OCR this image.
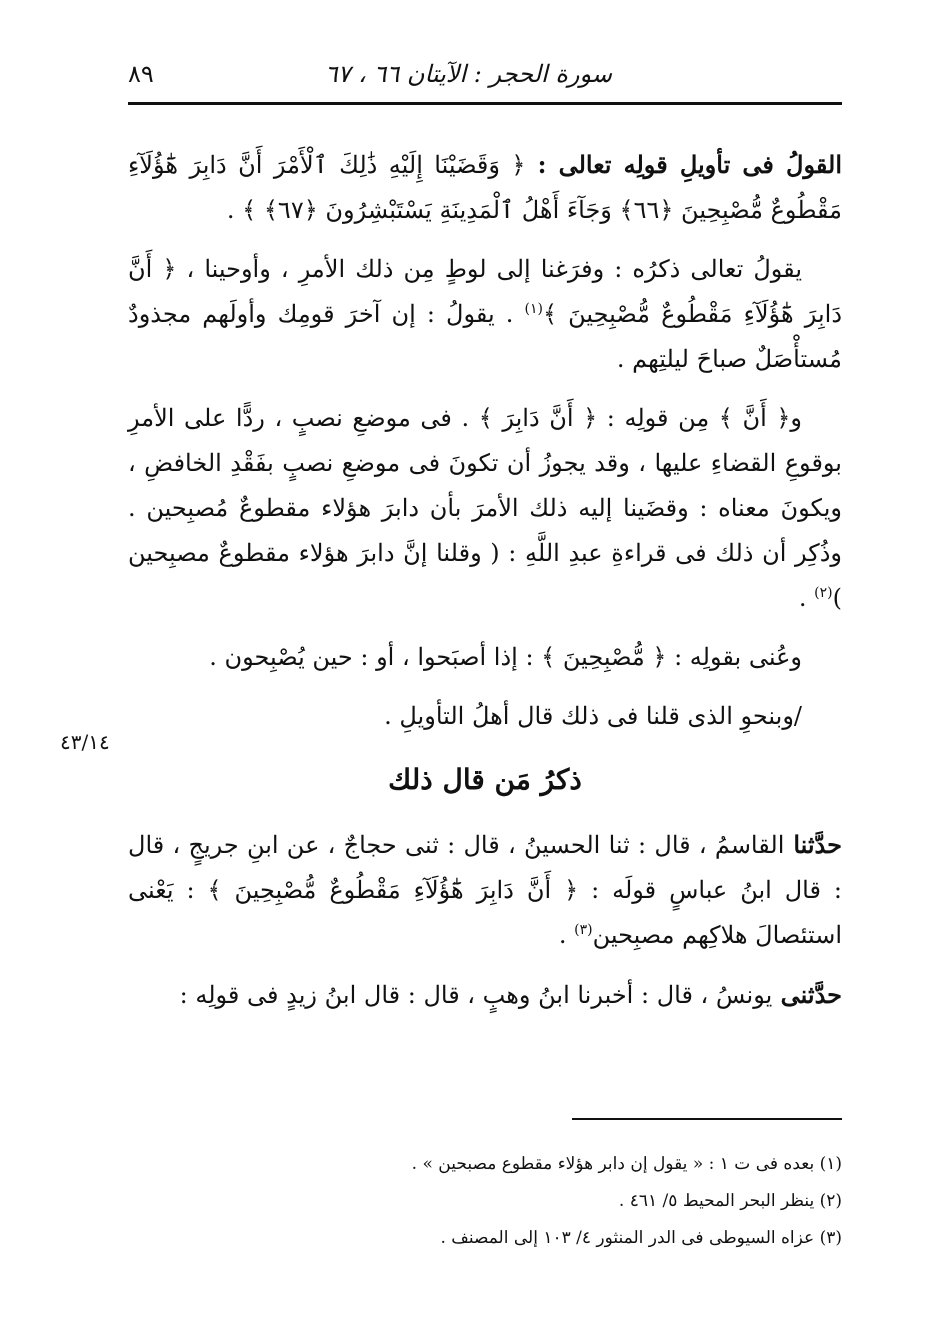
سورة الحجر : الآيتان ٦٦ ، ٦٧
٨٩
٤٣/١٤

القولُ فى تأويلِ قولِه تعالى : ﴿ وَقَضَيْنَا إِلَيْهِ ذَٰلِكَ ٱلْأَمْرَ أَنَّ دَابِرَ هَٰٓؤُلَآءِ مَقْطُوعٌ مُّصْبِحِينَ ﴿٦٦﴾ وَجَآءَ أَهْلُ ٱلْمَدِينَةِ يَسْتَبْشِرُونَ ﴿٦٧﴾ ﴾ .

يقولُ تعالى ذكرُه : وفرَغنا إلى لوطٍ مِن ذلك الأمرِ ، وأوحينا ، ﴿ أَنَّ دَابِرَ هَٰٓؤُلَآءِ مَقْطُوعٌ مُّصْبِحِينَ ﴾$^{(١)}$ . يقولُ : إن آخرَ قومِك وأولَهم مجذودٌ مُستأْصَلٌ صباحَ ليلتِهم .

و﴿ أَنَّ ﴾ مِن قولِه : ﴿ أَنَّ دَابِرَ ﴾ . فى موضعِ نصبٍ ، ردًّا على الأمرِ بوقوعِ القضاءِ عليها ، وقد يجوزُ أن تكونَ فى موضعِ نصبٍ بفَقْدِ الخافضِ ، ويكونَ معناه : وقضَينا إليه ذلك الأمرَ بأن دابرَ هؤلاء مقطوعٌ مُصبِحين . وذُكِر أن ذلك فى قراءةِ عبدِ اللَّهِ : ( وقلنا إنَّ دابرَ هؤلاء مقطوعٌ مصبِحين )$^{(٢)}$ .

وعُنى بقولِه : ﴿ مُّصْبِحِينَ ﴾ : إذا أصبَحوا ، أو : حين يُصْبِحون .

/وبنحوِ الذى قلنا فى ذلك قال أهلُ التأويلِ .

ذكرُ مَن قال ذلك

حدَّثنا القاسمُ ، قال : ثنا الحسينُ ، قال : ثنى حجاجٌ ، عن ابنِ جريجٍ ، قال : قال ابنُ عباسٍ قولَه : ﴿ أَنَّ دَابِرَ هَٰٓؤُلَآءِ مَقْطُوعٌ مُّصْبِحِينَ ﴾ : يَعْنى استئصالَ هلاكِهم مصبِحين$^{(٣)}$ .

حدَّثنى يونسُ ، قال : أخبرنا ابنُ وهبٍ ، قال : قال ابنُ زيدٍ فى قولِه :

(١) بعده فى ت ١ : « يقول إن دابر هؤلاء مقطوع مصبحين » .

(٢) ينظر البحر المحيط ٥/ ٤٦١ .

(٣) عزاه السيوطى فى الدر المنثور ٤/ ١٠٣ إلى المصنف .
